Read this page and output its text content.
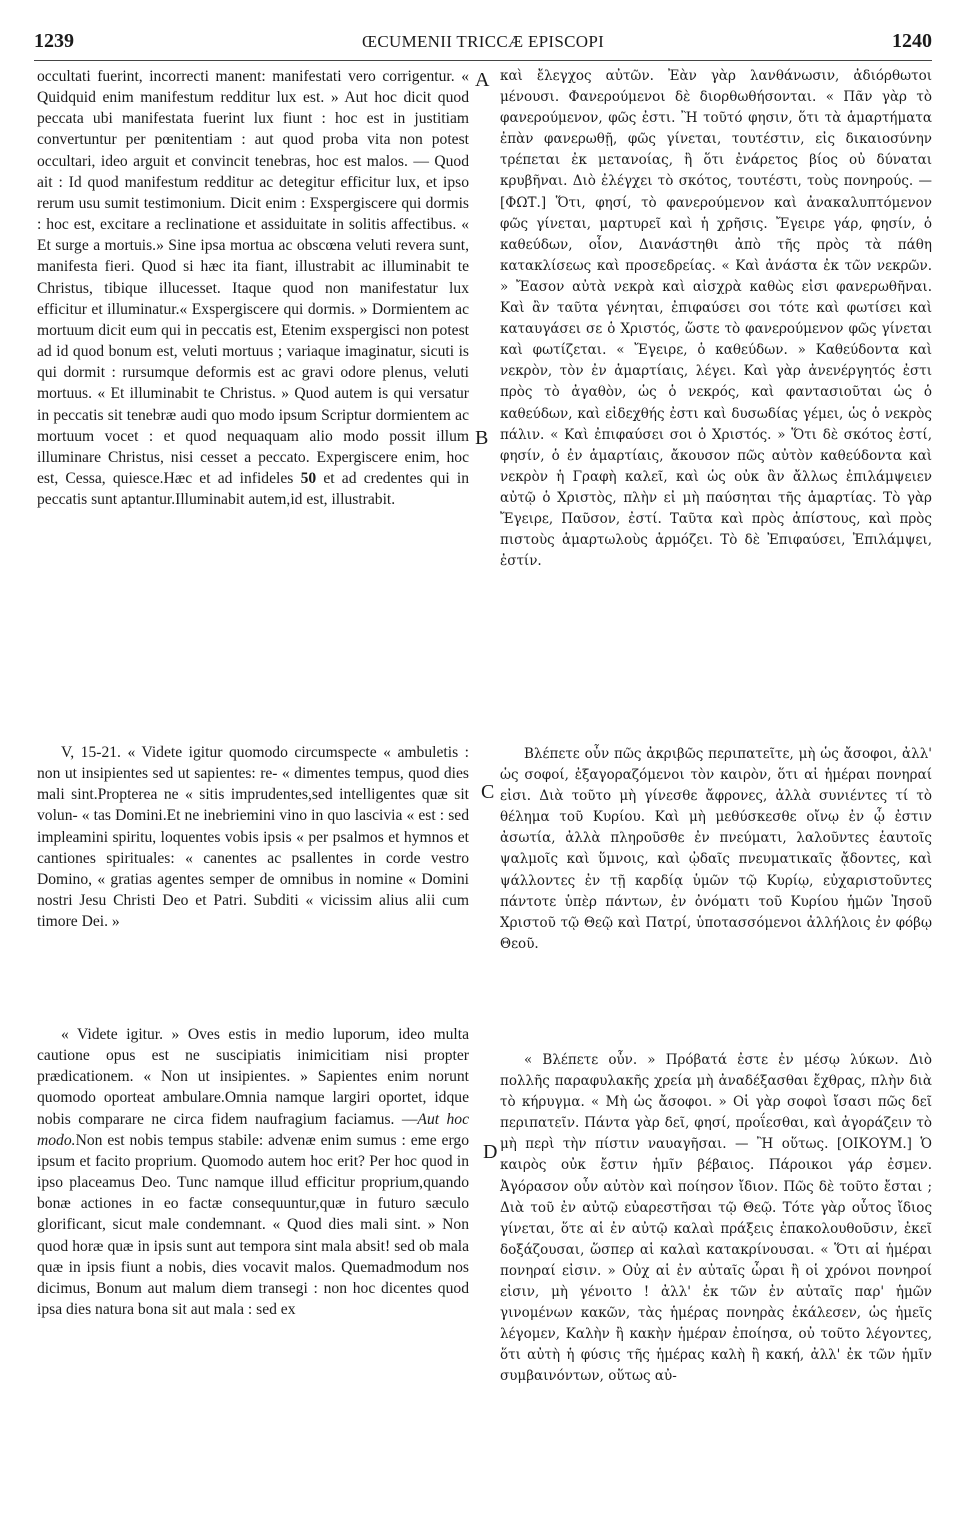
1239	ŒCUMENII TRICCÆ EPISCOPI	1240

occultati fuerint, incorrecti manent: manifestati vero corrigentur. « Quidquid enim manifestum redditur lux est. » Aut hoc dicit quod peccata ubi manifestata fuerint lux fiunt : hoc est in justitiam convertuntur per pœnitentiam : aut quod proba vita non potest occultari, ideo arguit et convincit tenebras, hoc est malos. — Quod ait : Id quod manifestum redditur ac detegitur efficitur lux, et ipso rerum usu sumit testimonium. Dicit enim : Exspergiscere qui dormis : hoc est, excitare a reclinatione et assiduitate in solitis affectibus. « Et surge a mortuis.» Sine ipsa mortua ac obscœna veluti revera sunt, manifesta fieri. Quod si hæc ita fiant, illustrabit ac illuminabit te Christus, tibique illucesset. Itaque quod non manifestatur lux efficitur et illuminatur.« Exspergiscere qui dormis. » Dormientem ac mortuum dicit eum qui in peccatis est, Etenim exspergisci non potest ad id quod bonum est, veluti mortuus ; variaque imaginatur, sicuti is qui dormit : rursumque deformis est ac gravi odore plenus, veluti mortuus. « Et illuminabit te Christus. » Quod autem is qui versatur in peccatis sit tenebræ audi quo modo ipsum Scriptur dormientem ac mortuum vocet : et quod nequaquam alio modo possit illum illuminare Christus, nisi cesset a peccato. Expergiscere enim, hoc est, Cessa, quiesce.Hæc et ad infideles 50 et ad credentes qui in peccatis sunt aptantur.Illuminabit autem,id est, illustrabit.

V, 15-21. « Videte igitur quomodo circumspecte « ambuletis : non ut insipientes sed ut sapientes: re- « dimentes tempus, quod dies mali sint.Propterea ne « sitis imprudentes,sed intelligentes quæ sit volun- « tas Domini.Et ne inebriemini vino in quo lascivia « est : sed impleamini spiritu, loquentes vobis ipsis « per psalmos et hymnos et cantiones spirituales: « canentes ac psallentes in corde vestro Domino, « gratias agentes semper de omnibus in nomine « Domini nostri Jesu Christi Deo et Patri. Subditi « vicissim alius alii cum timore Dei. »

« Videte igitur. » Oves estis in medio luporum, ideo multa cautione opus est ne suscipiatis inimicitiam nisi propter prædicationem. « Non ut insipientes. » Sapientes enim norunt quomodo oporteat ambulare.Omnia namque largiri oportet, idque nobis comparare ne circa fidem naufragium faciamus. —Aut hoc modo.Non est nobis tempus stabile: advenæ enim sumus : eme ergo ipsum et facito proprium. Quomodo autem hoc erit? Per hoc quod in ipso placeamus Deo. Tunc namque illud efficitur proprium,quando bonæ actiones in eo factæ consequuntur,quæ in futuro sæculo glorificant, sicut male condemnant. « Quod dies mali sint. » Non quod horæ quæ in ipsis sunt aut tempora sint mala absit! sed ob mala quæ in ipsis fiunt a nobis, dies vocavit malos. Quemadmodum nos dicimus, Bonum aut malum diem transegi : non hoc dicentes quod ipsa dies natura bona sit aut mala : sed ex

A
B
C
D

καὶ ἔλεγχος αὐτῶν. Ἐὰν γὰρ λανθάνωσιν, ἀδιόρθωτοι μένουσι. Φανερούμενοι δὲ διορθωθήσονται. « Πᾶν γὰρ τὸ φανερούμενον, φῶς ἐστι. Ἢ τοῦτό φησιν, ὅτι τὰ ἁμαρτήματα ἐπὰν φανερωθῇ, φῶς γίνεται, τουτέστιν, εἰς δικαιοσύνην τρέπεται ἐκ μετανοίας, ἢ ὅτι ἐνάρετος βίος οὐ δύναται κρυβῆναι. Διὸ ἐλέγχει τὸ σκότος, τουτέστι, τοὺς πονηρούς. — [ΦΩΤ.] Ὅτι, φησί, τὸ φανερούμενον καὶ ἀνακαλυπτόμενον φῶς γίνεται, μαρτυρεῖ καὶ ἡ χρῆσις. Ἔγειρε γάρ, φησίν, ὁ καθεύδων, οἷον, Διανάστηθι ἀπὸ τῆς πρὸς τὰ πάθη κατακλίσεως καὶ προσεδρείας. « Καὶ ἀνάστα ἐκ τῶν νεκρῶν. » Ἔασον αὐτὰ νεκρὰ καὶ αἰσχρὰ καθὼς εἰσι φανερωθῆναι. Καὶ ἂν ταῦτα γένηται, ἐπιφαύσει σοι τότε καὶ φωτίσει καὶ καταυγάσει σε ὁ Χριστός, ὥστε τὸ φανερούμενον φῶς γίνεται καὶ φωτίζεται. « Ἔγειρε, ὁ καθεύδων. » Καθεύδοντα καὶ νεκρὸν, τὸν ἐν ἁμαρτίαις, λέγει. Καὶ γὰρ ἀνενέργητός ἐστι πρὸς τὸ ἀγαθὸν, ὡς ὁ νεκρός, καὶ φαντασιοῦται ὡς ὁ καθεύδων, καὶ εἰδεχθής ἐστι καὶ δυσωδίας γέμει, ὡς ὁ νεκρὸς πάλιν. « Καὶ ἐπιφαύσει σοι ὁ Χριστός. » Ὅτι δὲ σκότος ἐστί, φησίν, ὁ ἐν ἁμαρτίαις, ἄκουσον πῶς αὐτὸν καθεύδοντα καὶ νεκρὸν ἡ Γραφὴ καλεῖ, καὶ ὡς οὐκ ἂν ἄλλως ἐπιλάμψειεν αὐτῷ ὁ Χριστὸς, πλὴν εἰ μὴ παύσηται τῆς ἁμαρτίας. Τὸ γὰρ Ἔγειρε, Παῦσον, ἐστί. Ταῦτα καὶ πρὸς ἀπίστους, καὶ πρὸς πιστοὺς ἁμαρτωλοὺς ἁρμόζει. Τὸ δὲ Ἐπιφαύσει, Ἐπιλάμψει, ἐστίν.

Βλέπετε οὖν πῶς ἀκριβῶς περιπατεῖτε, μὴ ὡς ἄσοφοι, ἀλλ' ὡς σοφοί, ἐξαγοραζόμενοι τὸν καιρὸν, ὅτι αἱ ἡμέραι πονηραί εἰσι. Διὰ τοῦτο μὴ γίνεσθε ἄφρονες, ἀλλὰ συνιέντες τί τὸ θέλημα τοῦ Κυρίου. Καὶ μὴ μεθύσκεσθε οἴνῳ ἐν ᾧ ἐστιν ἀσωτία, ἀλλὰ πληροῦσθε ἐν πνεύματι, λαλοῦντες ἑαυτοῖς ψαλμοῖς καὶ ὕμνοις, καὶ ᾠδαῖς πνευματικαῖς ᾄδοντες, καὶ ψάλλοντες ἐν τῇ καρδίᾳ ὑμῶν τῷ Κυρίῳ, εὐχαριστοῦντες πάντοτε ὑπὲρ πάντων, ἐν ὀνόματι τοῦ Κυρίου ἡμῶν Ἰησοῦ Χριστοῦ τῷ Θεῷ καὶ Πατρί, ὑποτασσόμενοι ἀλλήλοις ἐν φόβῳ Θεοῦ.

« Βλέπετε οὖν. » Πρόβατά ἐστε ἐν μέσῳ λύκων. Διὸ πολλῆς παραφυλακῆς χρεία μὴ ἀναδέξασθαι ἔχθρας, πλὴν διὰ τὸ κήρυγμα. « Μὴ ὡς ἄσοφοι. » Οἱ γὰρ σοφοὶ ἴσασι πῶς δεῖ περιπατεῖν. Πάντα γὰρ δεῖ, φησί, προΐεσθαι, καὶ ἀγοράζειν τὸ μὴ περὶ τὴν πίστιν ναυαγῆσαι. — Ἢ οὕτως. [ΟΙΚΟΥΜ.] Ὁ καιρὸς οὐκ ἔστιν ἡμῖν βέβαιος. Πάροικοι γάρ ἐσμεν. Ἀγόρασον οὖν αὐτὸν καὶ ποίησον ἴδιον. Πῶς δὲ τοῦτο ἔσται ; Διὰ τοῦ ἐν αὐτῷ εὐαρεστῆσαι τῷ Θεῷ. Τότε γὰρ οὗτος ἴδιος γίνεται, ὅτε αἱ ἐν αὐτῷ καλαὶ πράξεις ἐπακολουθοῦσιν, ἐκεῖ δοξάζουσαι, ὥσπερ αἱ καλαὶ κατακρίνουσαι. « Ὅτι αἱ ἡμέραι πονηραί εἰσιν. » Οὐχ αἱ ἐν αὐταῖς ὧραι ἢ οἱ χρόνοι πονηροί εἰσιν, μὴ γένοιτο ! ἀλλ' ἐκ τῶν ἐν αὐταῖς παρ' ἡμῶν γινομένων κακῶν, τὰς ἡμέρας πονηρὰς ἐκάλεσεν, ὡς ἡμεῖς λέγομεν, Καλὴν ἢ κακὴν ἡμέραν ἐποίησα, οὐ τοῦτο λέγοντες, ὅτι αὐτὴ ἡ φύσις τῆς ἡμέρας καλὴ ἢ κακή, ἀλλ' ἐκ τῶν ἡμῖν συμβαινόντων, οὕτως αὐ-
